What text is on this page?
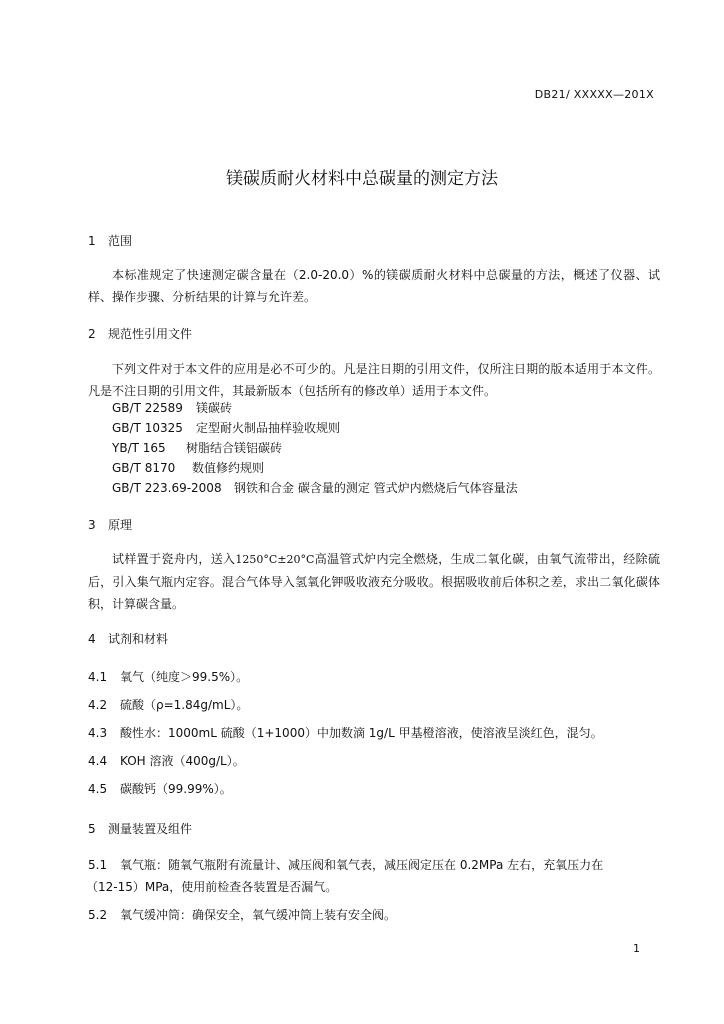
DB21/ XXXXX—201X
镁碳质耐火材料中总碳量的测定方法
1 范围
本标准规定了快速测定碳含量在（2.0-20.0）%的镁碳质耐火材料中总碳量的方法，概述了仪器、试样、操作步骤、分析结果的计算与允许差。
2 规范性引用文件
下列文件对于本文件的应用是必不可少的。凡是注日期的引用文件，仅所注日期的版本适用于本文件。凡是不注日期的引用文件，其最新版本（包括所有的修改单）适用于本文件。
GB/T 22589 镁碳砖
GB/T 10325 定型耐火制品抽样验收规则
YB/T 165 树脂结合镁铝碳砖
GB/T 8170 数值修约规则
GB/T 223.69-2008 钢铁和合金 碳含量的测定 管式炉内燃烧后气体容量法
3 原理
试样置于瓷舟内，送入1250°C±20°C高温管式炉内完全燃烧，生成二氧化碳，由氧气流带出，经除硫后，引入集气瓶内定容。混合气体导入氢氧化钾吸收液充分吸收。根据吸收前后体积之差，求出二氧化碳体积，计算碳含量。
4 试剂和材料
4.1 氧气（纯度＞99.5%）。
4.2 硫酸（ρ=1.84g/mL）。
4.3 酸性水：1000mL 硫酸（1+1000）中加数滴 1g/L 甲基橙溶液，使溶液呈淡红色，混匀。
4.4 KOH 溶液（400g/L）。
4.5 碳酸钙（99.99%）。
5 测量装置及组件
5.1 氧气瓶：随氧气瓶附有流量计、减压阀和氧气表，减压阀定压在 0.2MPa 左右，充氧压力在
（12-15）MPa，使用前检查各装置是否漏气。
5.2 氧气缓冲筒：确保安全，氧气缓冲筒上装有安全阀。
1
